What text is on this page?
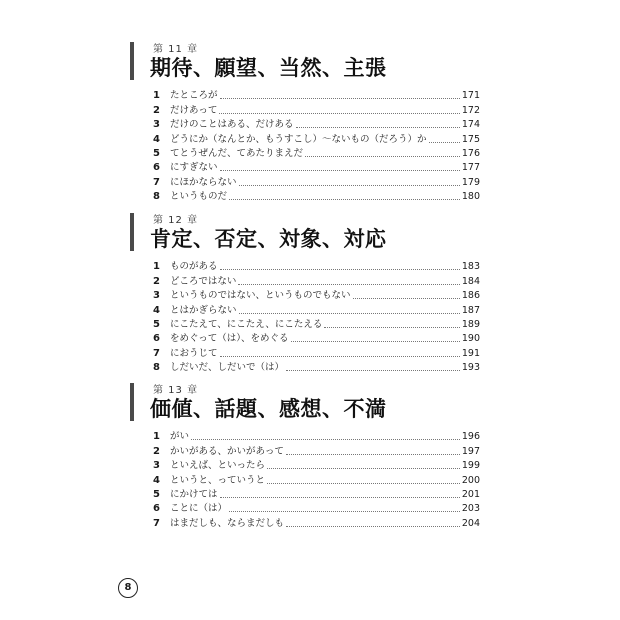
第 11 章
期待、願望、当然、主張
1	たところが	171
2	だけあって	172
3	だけのことはある、だけある	174
4	どうにか（なんとか、もうすこし）〜ないもの（だろう）か	175
5	てとうぜんだ、てあたりまえだ	176
6	にすぎない	177
7	にほかならない	179
8	というものだ	180
第 12 章
肯定、否定、対象、対応
1	ものがある	183
2	どころではない	184
3	というものではない、というものでもない	186
4	とはかぎらない	187
5	にこたえて、にこたえ、にこたえる	189
6	をめぐって（は）、をめぐる	190
7	におうじて	191
8	しだいだ、しだいで（は）	193
第 13 章
価値、話題、感想、不満
1	がい	196
2	かいがある、かいがあって	197
3	といえば、といったら	199
4	というと、っていうと	200
5	にかけては	201
6	ことに（は）	203
7	はまだしも、ならまだしも	204
8
